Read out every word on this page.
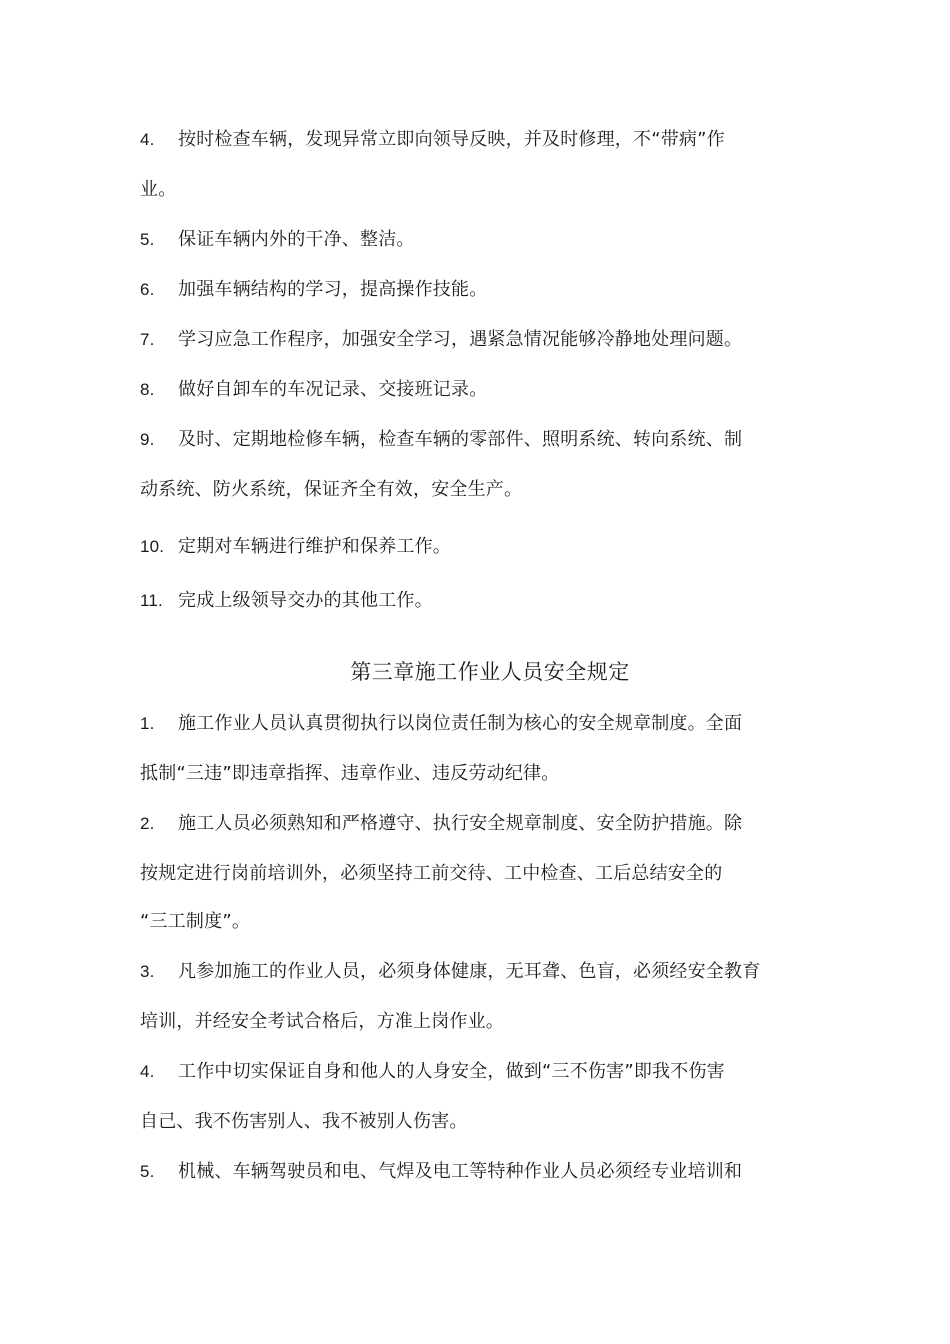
4. 按时检查车辆，发现异常立即向领导反映，并及时修理，不“带病”作
业。
5. 保证车辆内外的干净、整洁。
6. 加强车辆结构的学习，提高操作技能。
7. 学习应急工作程序，加强安全学习，遇紧急情况能够冷静地处理问题。
8. 做好自卸车的车况记录、交接班记录。
9. 及时、定期地检修车辆，检查车辆的零部件、照明系统、转向系统、制
动系统、防火系统，保证齐全有效，安全生产。
10. 定期对车辆进行维护和保养工作。
11. 完成上级领导交办的其他工作。
第三章施工作业人员安全规定
1. 施工作业人员认真贯彻执行以岗位责任制为核心的安全规章制度。全面
抵制“三违”即违章指挥、违章作业、违反劳动纪律。
2. 施工人员必须熟知和严格遵守、执行安全规章制度、安全防护措施。除
按规定进行岗前培训外，必须坚持工前交待、工中检查、工后总结安全的
“三工制度”。
3. 凡参加施工的作业人员，必须身体健康，无耳聋、色盲，必须经安全教育
培训，并经安全考试合格后，方准上岗作业。
4. 工作中切实保证自身和他人的人身安全，做到“三不伤害”即我不伤害
自己、我不伤害别人、我不被别人伤害。
5. 机械、车辆驾驶员和电、气焊及电工等特种作业人员必须经专业培训和
